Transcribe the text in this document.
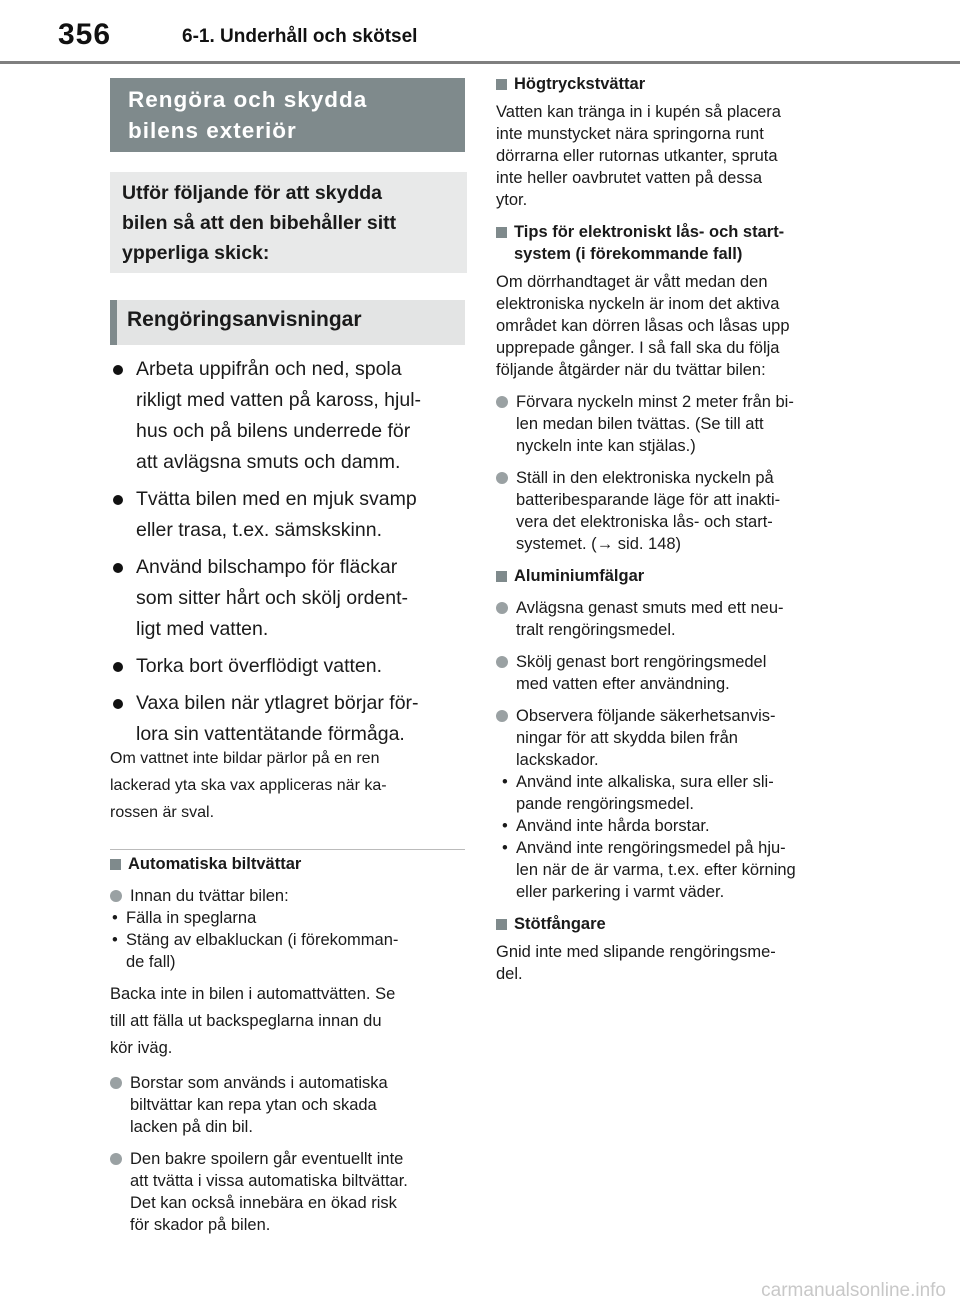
356	6-1. Underhåll och skötsel
Rengöra och skydda
bilens exteriör
Utför följande för att skydda
bilen så att den bibehåller sitt
ypperliga skick:
Rengöringsanvisningar
Arbeta uppifrån och ned, spola
rikligt med vatten på kaross, hjul-
hus och på bilens underrede för
att avlägsna smuts och damm.
Tvätta bilen med en mjuk svamp
eller trasa, t.ex. sämskskinn.
Använd bilschampo för fläckar
som sitter hårt och skölj ordent-
ligt med vatten.
Torka bort överflödigt vatten.
Vaxa bilen när ytlagret börjar för-
lora sin vattentätande förmåga.
Om vattnet inte bildar pärlor på en ren
lackerad yta ska vax appliceras när ka-
rossen är sval.
Automatiska biltvättar
Innan du tvättar bilen:
• Fälla in speglarna
• Stäng av elbakluckan (i förekomman-
de fall)
Backa inte in bilen i automattvätten. Se
till att fälla ut backspeglarna innan du
kör iväg.
Borstar som används i automatiska
biltvättar kan repa ytan och skada
lacken på din bil.
Den bakre spoilern går eventuellt inte
att tvätta i vissa automatiska biltvättar.
Det kan också innebära en ökad risk
för skador på bilen.
Högtryckstvättar
Vatten kan tränga in i kupén så placera
inte munstycket nära springorna runt
dörrarna eller rutornas utkanter, spruta
inte heller oavbrutet vatten på dessa
ytor.
Tips för elektroniskt lås- och start-
system (i förekommande fall)
Om dörrhandtaget är vått medan den
elektroniska nyckeln är inom det aktiva
området kan dörren låsas och låsas upp
upprepade gånger. I så fall ska du följa
följande åtgärder när du tvättar bilen:
Förvara nyckeln minst 2 meter från bi-
len medan bilen tvättas. (Se till att
nyckeln inte kan stjälas.)
Ställ in den elektroniska nyckeln på
batteribesparande läge för att inakti-
vera det elektroniska lås- och start-
systemet. (→ sid. 148)
Aluminiumfälgar
Avlägsna genast smuts med ett neu-
tralt rengöringsmedel.
Skölj genast bort rengöringsmedel
med vatten efter användning.
Observera följande säkerhetsanvis-
ningar för att skydda bilen från
lackskador.
• Använd inte alkaliska, sura eller sli-
pande rengöringsmedel.
• Använd inte hårda borstar.
• Använd inte rengöringsmedel på hju-
len när de är varma, t.ex. efter körning
eller parkering i varmt väder.
Stötfångare
Gnid inte med slipande rengöringsme-
del.
carmanualsonline.info
